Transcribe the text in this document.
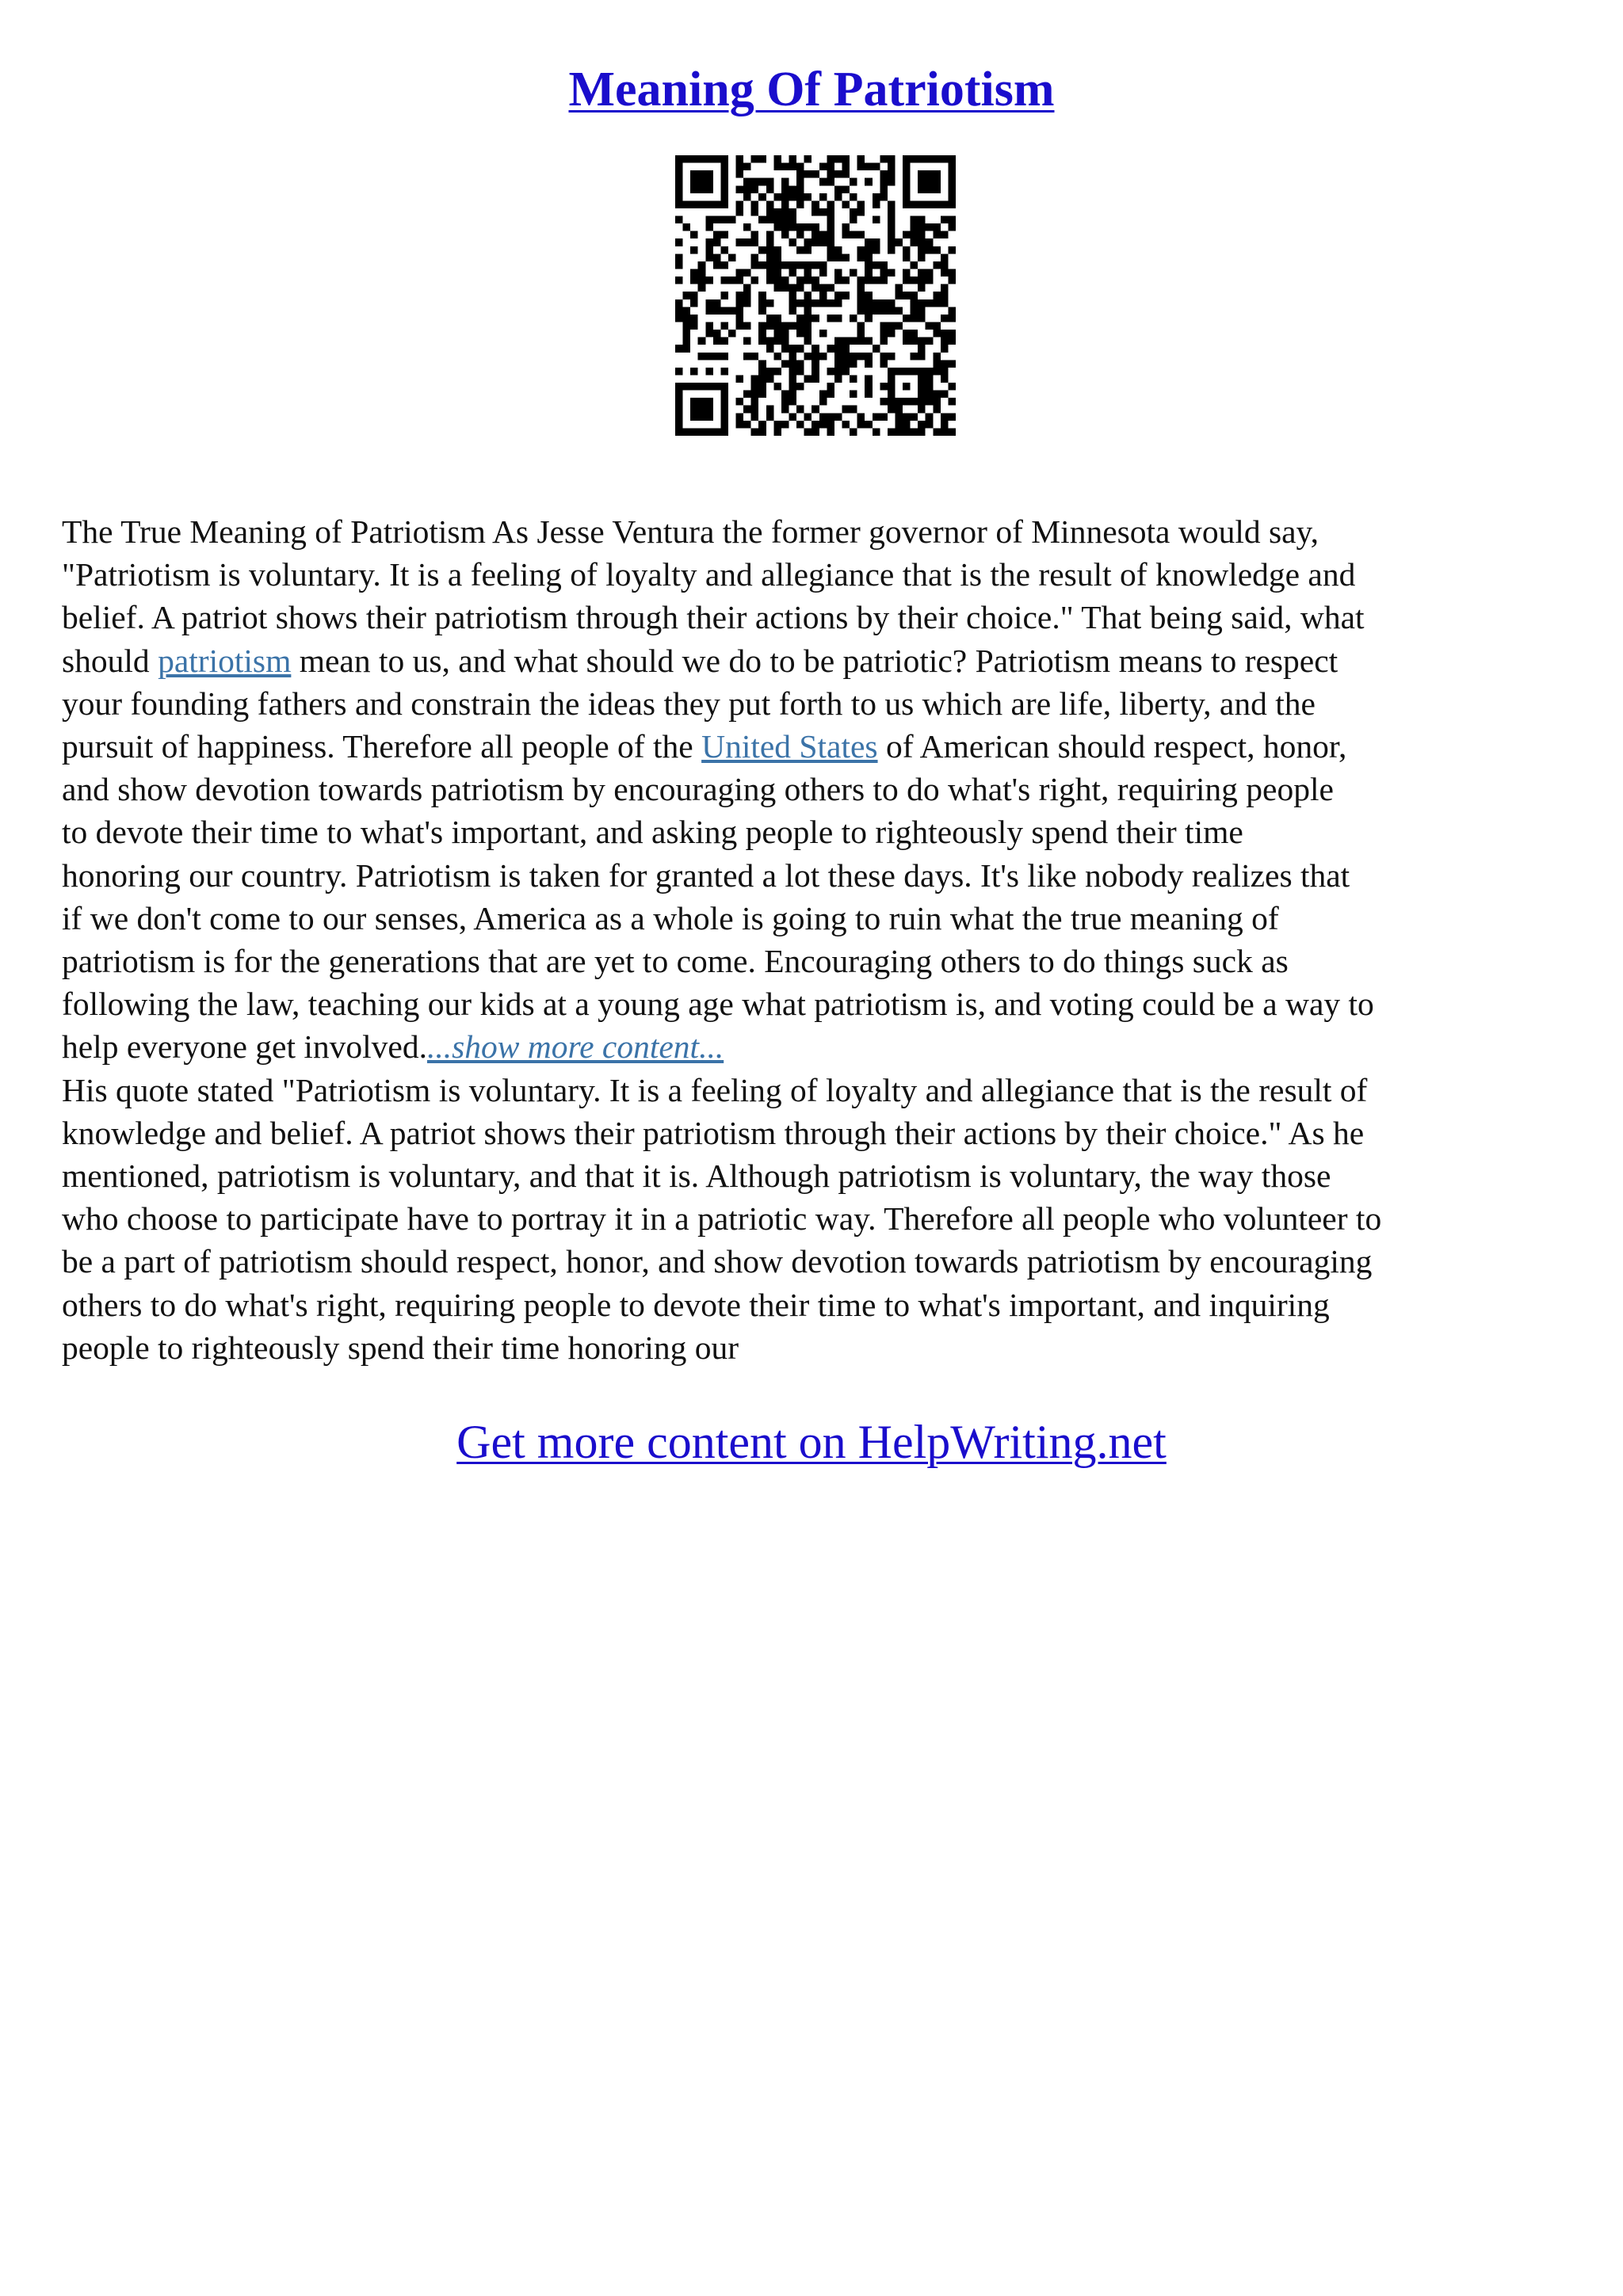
Meaning Of Patriotism

The True Meaning of Patriotism As Jesse Ventura the former governor of Minnesota would say,
"Patriotism is voluntary. It is a feeling of loyalty and allegiance that is the result of knowledge and
belief. A patriot shows their patriotism through their actions by their choice." That being said, what
should patriotism mean to us, and what should we do to be patriotic? Patriotism means to respect
your founding fathers and constrain the ideas they put forth to us which are life, liberty, and the
pursuit of happiness. Therefore all people of the United States of American should respect, honor,
and show devotion towards patriotism by encouraging others to do what's right, requiring people
to devote their time to what's important, and asking people to righteously spend their time
honoring our country. Patriotism is taken for granted a lot these days. It's like nobody realizes that
if we don't come to our senses, America as a whole is going to ruin what the true meaning of
patriotism is for the generations that are yet to come. Encouraging others to do things suck as
following the law, teaching our kids at a young age what patriotism is, and voting could be a way to
help everyone get involved....show more content...
His quote stated "Patriotism is voluntary. It is a feeling of loyalty and allegiance that is the result of
knowledge and belief. A patriot shows their patriotism through their actions by their choice." As he
mentioned, patriotism is voluntary, and that it is. Although patriotism is voluntary, the way those
who choose to participate have to portray it in a patriotic way. Therefore all people who volunteer to
be a part of patriotism should respect, honor, and show devotion towards patriotism by encouraging
others to do what's right, requiring people to devote their time to what's important, and inquiring
people to righteously spend their time honoring our

Get more content on HelpWriting.net
